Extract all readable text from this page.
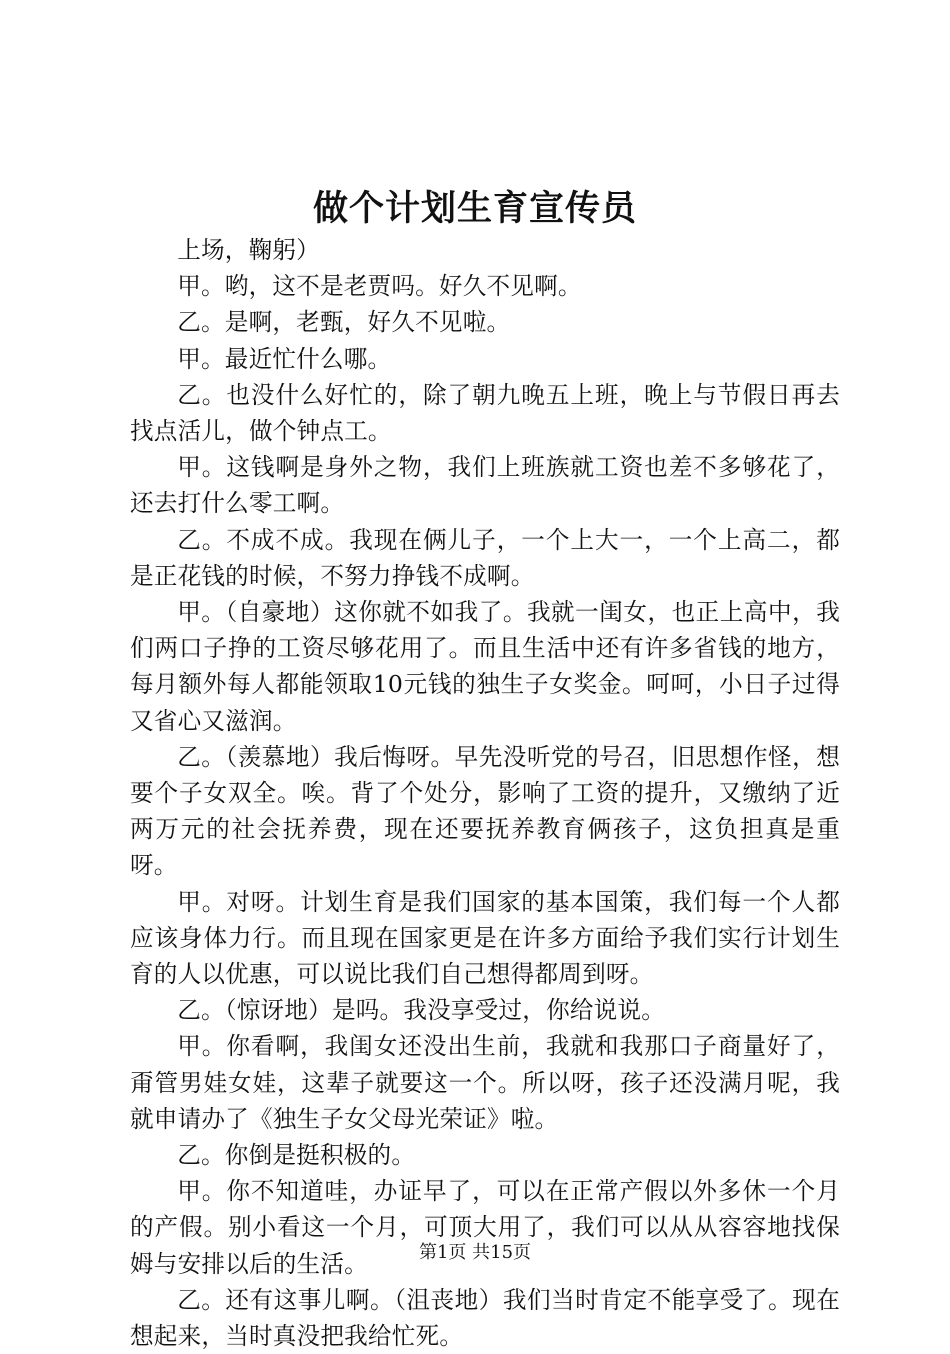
做个计划生育宣传员

上场，鞠躬）

甲。哟，这不是老贾吗。好久不见啊。

乙。是啊，老甄，好久不见啦。

甲。最近忙什么哪。

乙。也没什么好忙的，除了朝九晚五上班，晚上与节假日再去找点活儿，做个钟点工。

甲。这钱啊是身外之物，我们上班族就工资也差不多够花了，还去打什么零工啊。

乙。不成不成。我现在俩儿子，一个上大一，一个上高二，都是正花钱的时候，不努力挣钱不成啊。

甲。（自豪地）这你就不如我了。我就一闺女，也正上高中，我们两口子挣的工资尽够花用了。而且生活中还有许多省钱的地方，每月额外每人都能领取10元钱的独生子女奖金。呵呵，小日子过得又省心又滋润。

乙。（羡慕地）我后悔呀。早先没听党的号召，旧思想作怪，想要个子女双全。唉。背了个处分，影响了工资的提升，又缴纳了近两万元的社会抚养费，现在还要抚养教育俩孩子，这负担真是重呀。

甲。对呀。计划生育是我们国家的基本国策，我们每一个人都应该身体力行。而且现在国家更是在许多方面给予我们实行计划生育的人以优惠，可以说比我们自己想得都周到呀。

乙。（惊讶地）是吗。我没享受过，你给说说。

甲。你看啊，我闺女还没出生前，我就和我那口子商量好了，甭管男娃女娃，这辈子就要这一个。所以呀，孩子还没满月呢，我就申请办了《独生子女父母光荣证》啦。

乙。你倒是挺积极的。

甲。你不知道哇，办证早了，可以在正常产假以外多休一个月的产假。别小看这一个月，可顶大用了，我们可以从从容容地找保姆与安排以后的生活。

乙。还有这事儿啊。（沮丧地）我们当时肯定不能享受了。现在想起来，当时真没把我给忙死。

第1页 共15页
